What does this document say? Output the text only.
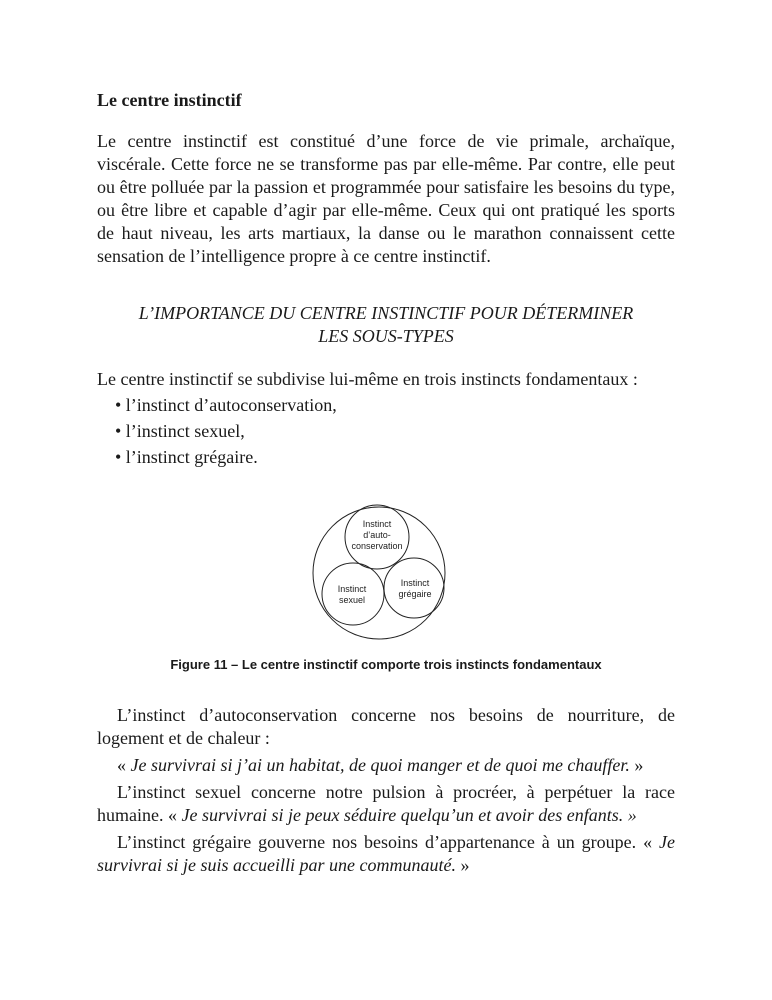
Le centre instinctif

Le centre instinctif est constitué d’une force de vie primale, archaïque, viscérale. Cette force ne se transforme pas par elle-même. Par contre, elle peut ou être polluée par la passion et programmée pour satisfaire les besoins du type, ou être libre et capable d’agir par elle-même. Ceux qui ont pratiqué les sports de haut niveau, les arts martiaux, la danse ou le marathon connaissent cette sensation de l’intelligence propre à ce centre instinctif.

L’IMPORTANCE DU CENTRE INSTINCTIF POUR DÉTERMINER
LES SOUS-TYPES

Le centre instinctif se subdivise lui-même en trois instincts fondamentaux :

• l’instinct d’autoconservation,
• l’instinct sexuel,
• l’instinct grégaire.
Instinct
d’auto-
conservation
Instinct
sexuel
Instinct
grégaire

Figure 11 – Le centre instinctif comporte trois instincts fondamentaux

L’instinct d’autoconservation concerne nos besoins de nourriture, de logement et de chaleur :

« Je survivrai si j’ai un habitat, de quoi manger et de quoi me chauffer. »

L’instinct sexuel concerne notre pulsion à procréer, à perpétuer la race humaine. « Je survivrai si je peux séduire quelqu’un et avoir des enfants. »

L’instinct grégaire gouverne nos besoins d’appartenance à un groupe. « Je survivrai si je suis accueilli par une communauté. »
